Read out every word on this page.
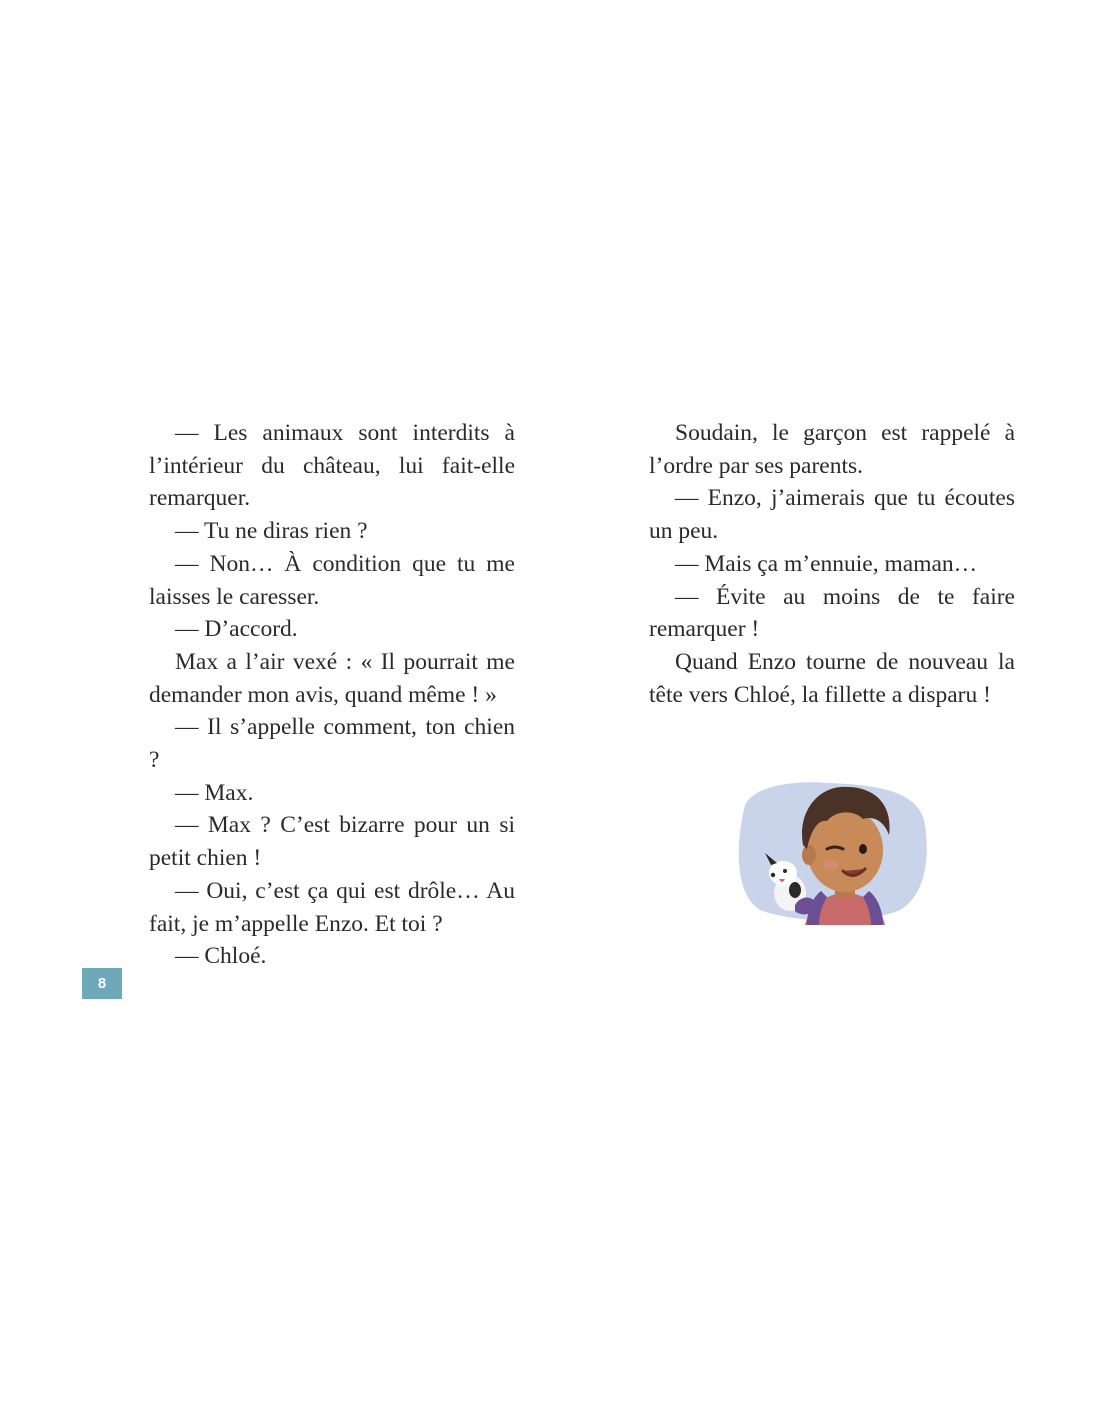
— Les animaux sont interdits à l’intérieur du château, lui fait-elle remarquer.

— Tu ne diras rien ?

— Non… À condition que tu me laisses le caresser.

— D’accord.

Max a l’air vexé : « Il pourrait me demander mon avis, quand même ! »

— Il s’appelle comment, ton chien ?

— Max.

— Max ? C’est bizarre pour un si petit chien !

— Oui, c’est ça qui est drôle… Au fait, je m’appelle Enzo. Et toi ?

— Chloé.

Soudain, le garçon est rappelé à l’ordre par ses parents.

— Enzo, j’aimerais que tu écoutes un peu.

— Mais ça m’ennuie, maman…

— Évite au moins de te faire remarquer !

Quand Enzo tourne de nouveau la tête vers Chloé, la fillette a disparu !

8
